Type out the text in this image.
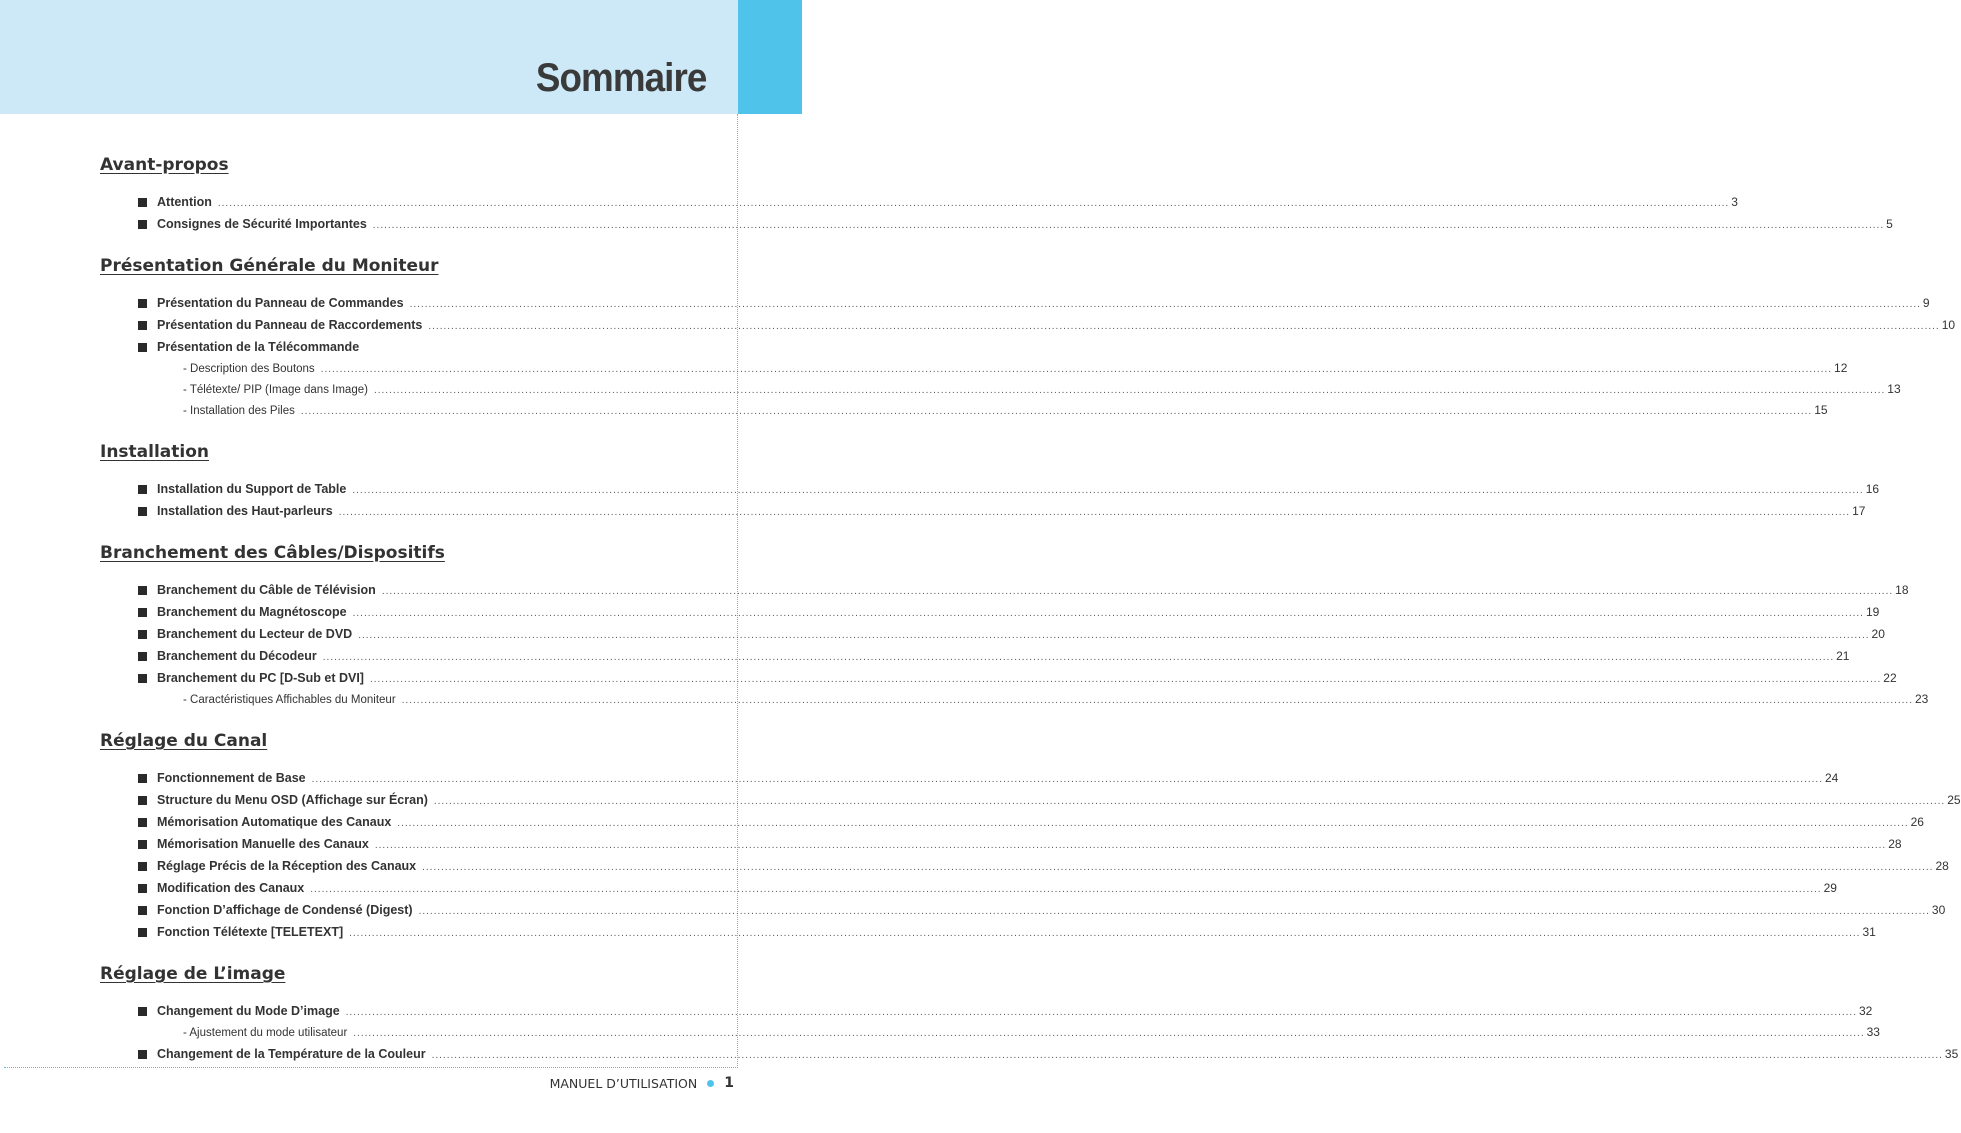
Sommaire
Avant-propos
Attention ................................................................................................................................................................................................................................................................................................................................................................................................................ 3
Consignes de Sécurité Importantes ................................................................................................................................................................................................................................................................................................................................................................................................................ 5
Présentation Générale du Moniteur
Présentation du Panneau de Commandes ................................................................................................................................................................................................................................................................................................................................................................................................................ 9
Présentation du Panneau de Raccordements ................................................................................................................................................................................................................................................................................................................................................................................................................ 10
Présentation de la Télécommande
- Description des Boutons ................................................................................................................................................................................................................................................................................................................................................................................................................ 12
- Télétexte/ PIP (Image dans Image) ................................................................................................................................................................................................................................................................................................................................................................................................................ 13
- Installation des Piles ................................................................................................................................................................................................................................................................................................................................................................................................................ 15
Installation
Installation du Support de Table ................................................................................................................................................................................................................................................................................................................................................................................................................ 16
Installation des Haut-parleurs ................................................................................................................................................................................................................................................................................................................................................................................................................ 17
Branchement des Câbles/Dispositifs
Branchement du Câble de Télévision ................................................................................................................................................................................................................................................................................................................................................................................................................ 18
Branchement du Magnétoscope ................................................................................................................................................................................................................................................................................................................................................................................................................ 19
Branchement du Lecteur de DVD ................................................................................................................................................................................................................................................................................................................................................................................................................ 20
Branchement du Décodeur ................................................................................................................................................................................................................................................................................................................................................................................................................ 21
Branchement du PC [D-Sub et DVI] ................................................................................................................................................................................................................................................................................................................................................................................................................ 22
- Caractéristiques Affichables du Moniteur ................................................................................................................................................................................................................................................................................................................................................................................................................ 23
Réglage du Canal
Fonctionnement de Base ................................................................................................................................................................................................................................................................................................................................................................................................................ 24
Structure du Menu OSD (Affichage sur Écran) ................................................................................................................................................................................................................................................................................................................................................................................................................ 25
Mémorisation Automatique des Canaux ................................................................................................................................................................................................................................................................................................................................................................................................................ 26
Mémorisation Manuelle des Canaux ................................................................................................................................................................................................................................................................................................................................................................................................................ 28
Réglage Précis de la Réception des Canaux ................................................................................................................................................................................................................................................................................................................................................................................................................ 28
Modification des Canaux ................................................................................................................................................................................................................................................................................................................................................................................................................ 29
Fonction D’affichage de Condensé (Digest) ................................................................................................................................................................................................................................................................................................................................................................................................................ 30
Fonction Télétexte [TELETEXT] ................................................................................................................................................................................................................................................................................................................................................................................................................ 31
Réglage de L’image
Changement du Mode D’image ................................................................................................................................................................................................................................................................................................................................................................................................................ 32
- Ajustement du mode utilisateur ................................................................................................................................................................................................................................................................................................................................................................................................................ 33
Changement de la Température de la Couleur ................................................................................................................................................................................................................................................................................................................................................................................................................ 35
MANUEL D’UTILISATION 1
